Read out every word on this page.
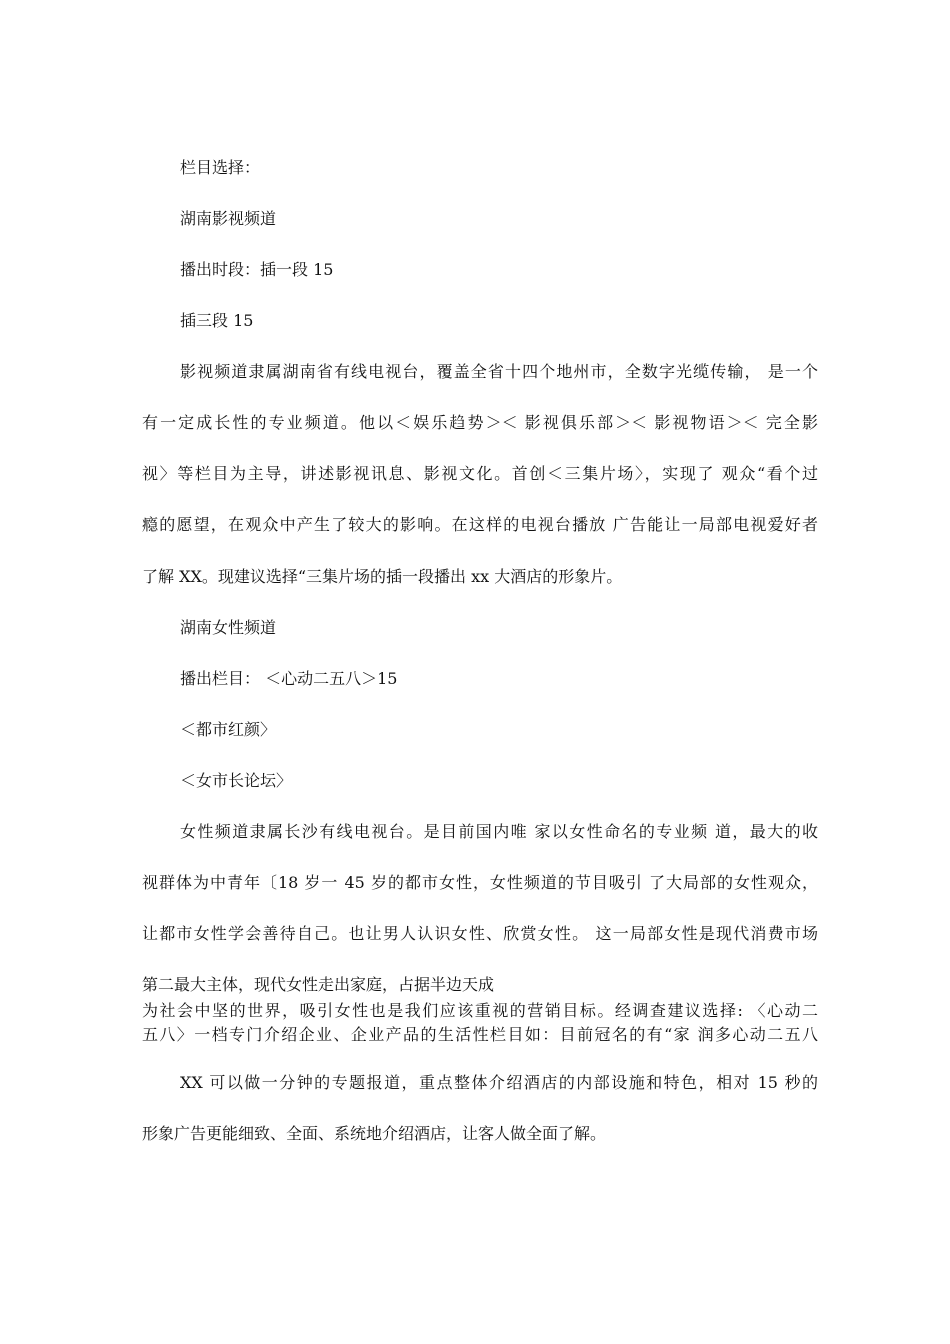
栏目选择：
湖南影视频道
播出时段：插一段 15
插三段 15
影视频道隶属湖南省有线电视台，覆盖全省十四个地州市，全数字光缆传输， 是一个
有一定成长性的专业频道。他以＜娱乐趋势＞＜ 影视俱乐部＞＜ 影视物语＞＜ 完全影
视〉等栏目为主导，讲述影视讯息、影视文化。首创＜三集片场〉，实现了 观众“看个过
瘾的愿望，在观众中产生了较大的影响。在这样的电视台播放 广告能让一局部电视爱好者
了解 XX。现建议选择“三集片场的插一段播出 xx 大酒店的形象片。
湖南女性频道
播出栏目： ＜心动二五八＞15
＜都市红颜〉
＜女市长论坛〉
女性频道隶属长沙有线电视台。是目前国内唯 家以女性命名的专业频 道，最大的收
视群体为中青年〔18 岁一 45 岁的都市女性，女性频道的节目吸引 了大局部的女性观众，
让都市女性学会善待自己。也让男人认识女性、欣赏女性。 这一局部女性是现代消费市场
第二最大主体，现代女性走出家庭，占据半边天成
为社会中坚的世界，吸引女性也是我们应该重视的营销目标。经调查建议选择: 〈心动二
五八〉一档专门介绍企业、企业产品的生活性栏目如：目前冠名的有“家 润多心动二五八
XX 可以做一分钟的专题报道，重点整体介绍酒店的内部设施和特色，相对 15 秒的
形象广告更能细致、全面、系统地介绍酒店，让客人做全面了解。
